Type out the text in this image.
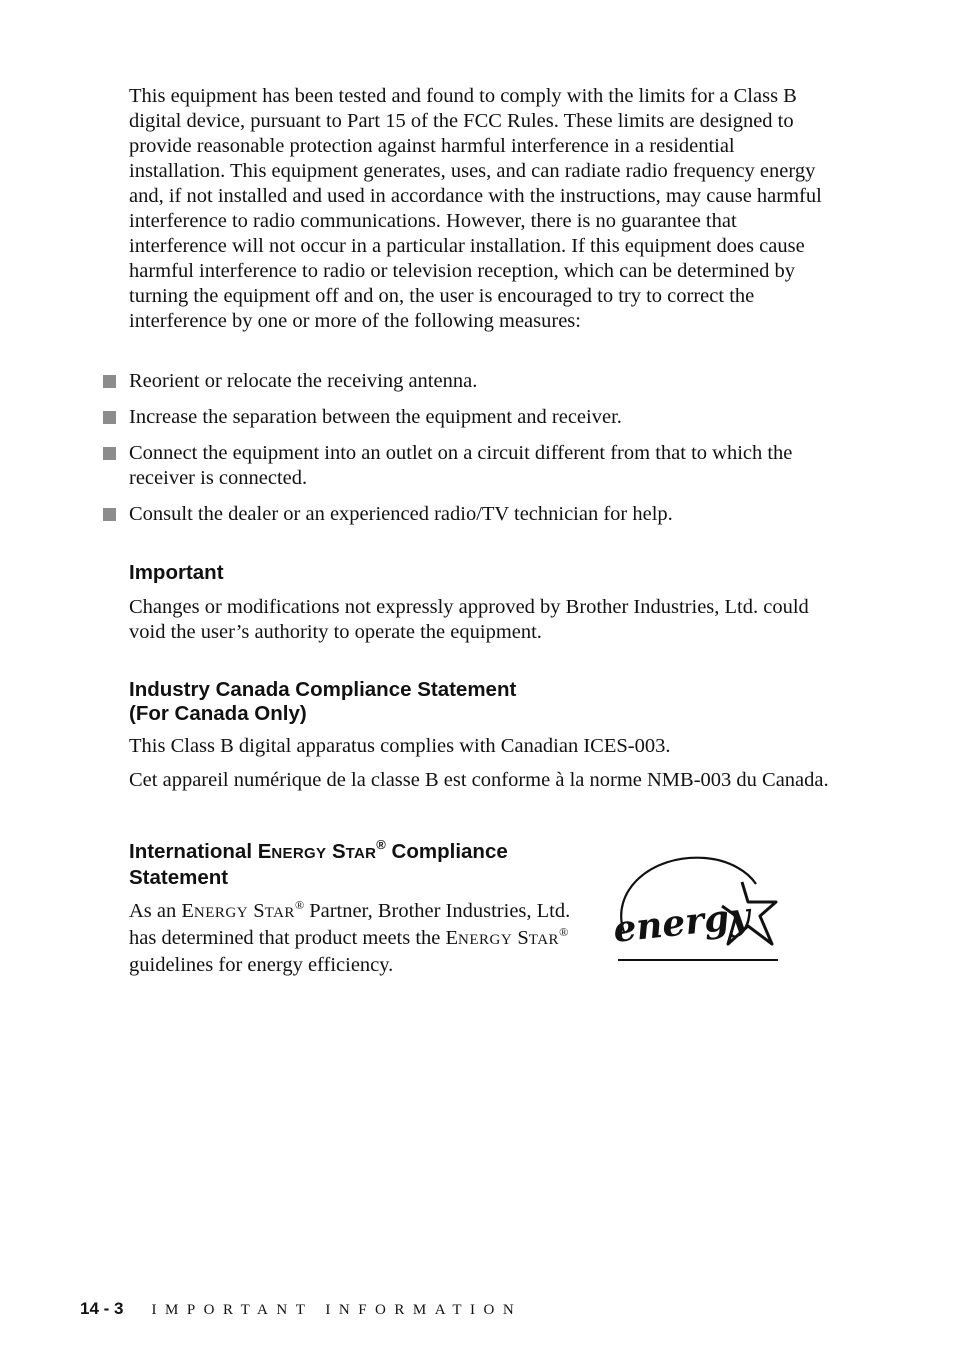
This equipment has been tested and found to comply with the limits for a Class B digital device, pursuant to Part 15 of the FCC Rules. These limits are designed to provide reasonable protection against harmful interference in a residential installation. This equipment generates, uses, and can radiate radio frequency energy and, if not installed and used in accordance with the instructions, may cause harmful interference to radio communications. However, there is no guarantee that interference will not occur in a particular installation. If this equipment does cause harmful interference to radio or television reception, which can be determined by turning the equipment off and on, the user is encouraged to try to correct the interference by one or more of the following measures:

Reorient or relocate the receiving antenna.
Increase the separation between the equipment and receiver.
Connect the equipment into an outlet on a circuit different from that to which the receiver is connected.
Consult the dealer or an experienced radio/TV technician for help.
Important

Changes or modifications not expressly approved by Brother Industries, Ltd. could void the user’s authority to operate the equipment.

Industry Canada Compliance Statement
(For Canada Only)

This Class B digital apparatus complies with Canadian ICES-003.

Cet appareil numérique de la classe B est conforme à la norme NMB-003 du Canada.

International ENERGY STAR® Compliance Statement

As an ENERGY STAR® Partner, Brother Industries, Ltd. has determined that product meets the ENERGY STAR® guidelines for energy efficiency.

energy

14 - 3 IMPORTANT INFORMATION
